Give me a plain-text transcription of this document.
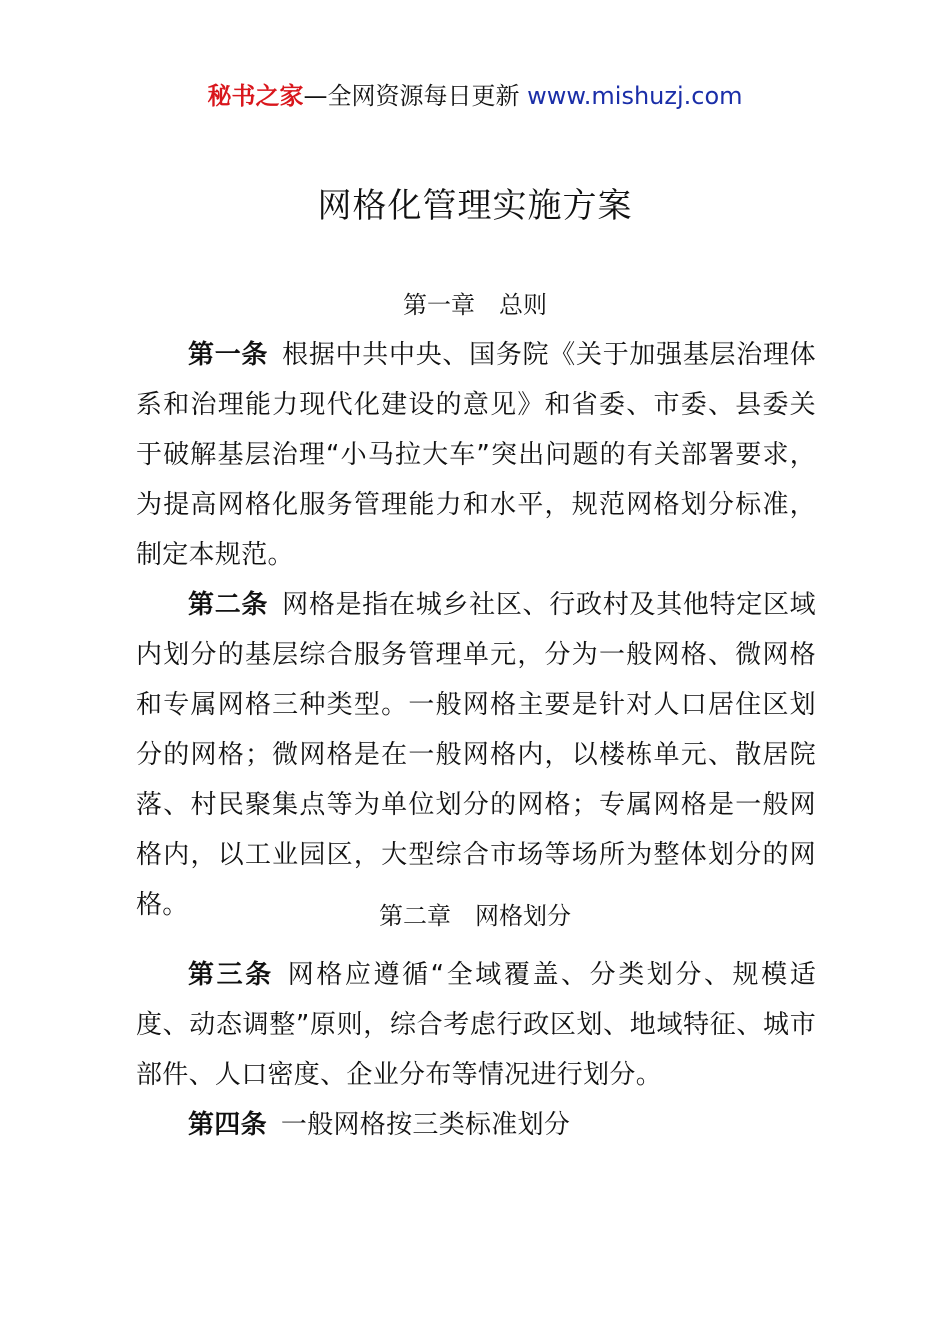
秘书之家—全网资源每日更新 www.mishuzj.com
网格化管理实施方案
第一章　总则

第一条 根据中共中央、国务院《关于加强基层治理体系和治理能力现代化建设的意见》和省委、市委、县委关于破解基层治理“小马拉大车”突出问题的有关部署要求，为提高网格化服务管理能力和水平，规范网格划分标准，制定本规范。

第二条 网格是指在城乡社区、行政村及其他特定区域内划分的基层综合服务管理单元，分为一般网格、微网格和专属网格三种类型。一般网格主要是针对人口居住区划分的网格；微网格是在一般网格内，以楼栋单元、散居院落、村民聚集点等为单位划分的网格；专属网格是一般网格内，以工业园区，大型综合市场等场所为整体划分的网格。	第二章　网格划分

第三条 网格应遵循“全域覆盖、分类划分、规模适度、动态调整”原则，综合考虑行政区划、地域特征、城市部件、人口密度、企业分布等情况进行划分。

第四条 一般网格按三类标准划分
